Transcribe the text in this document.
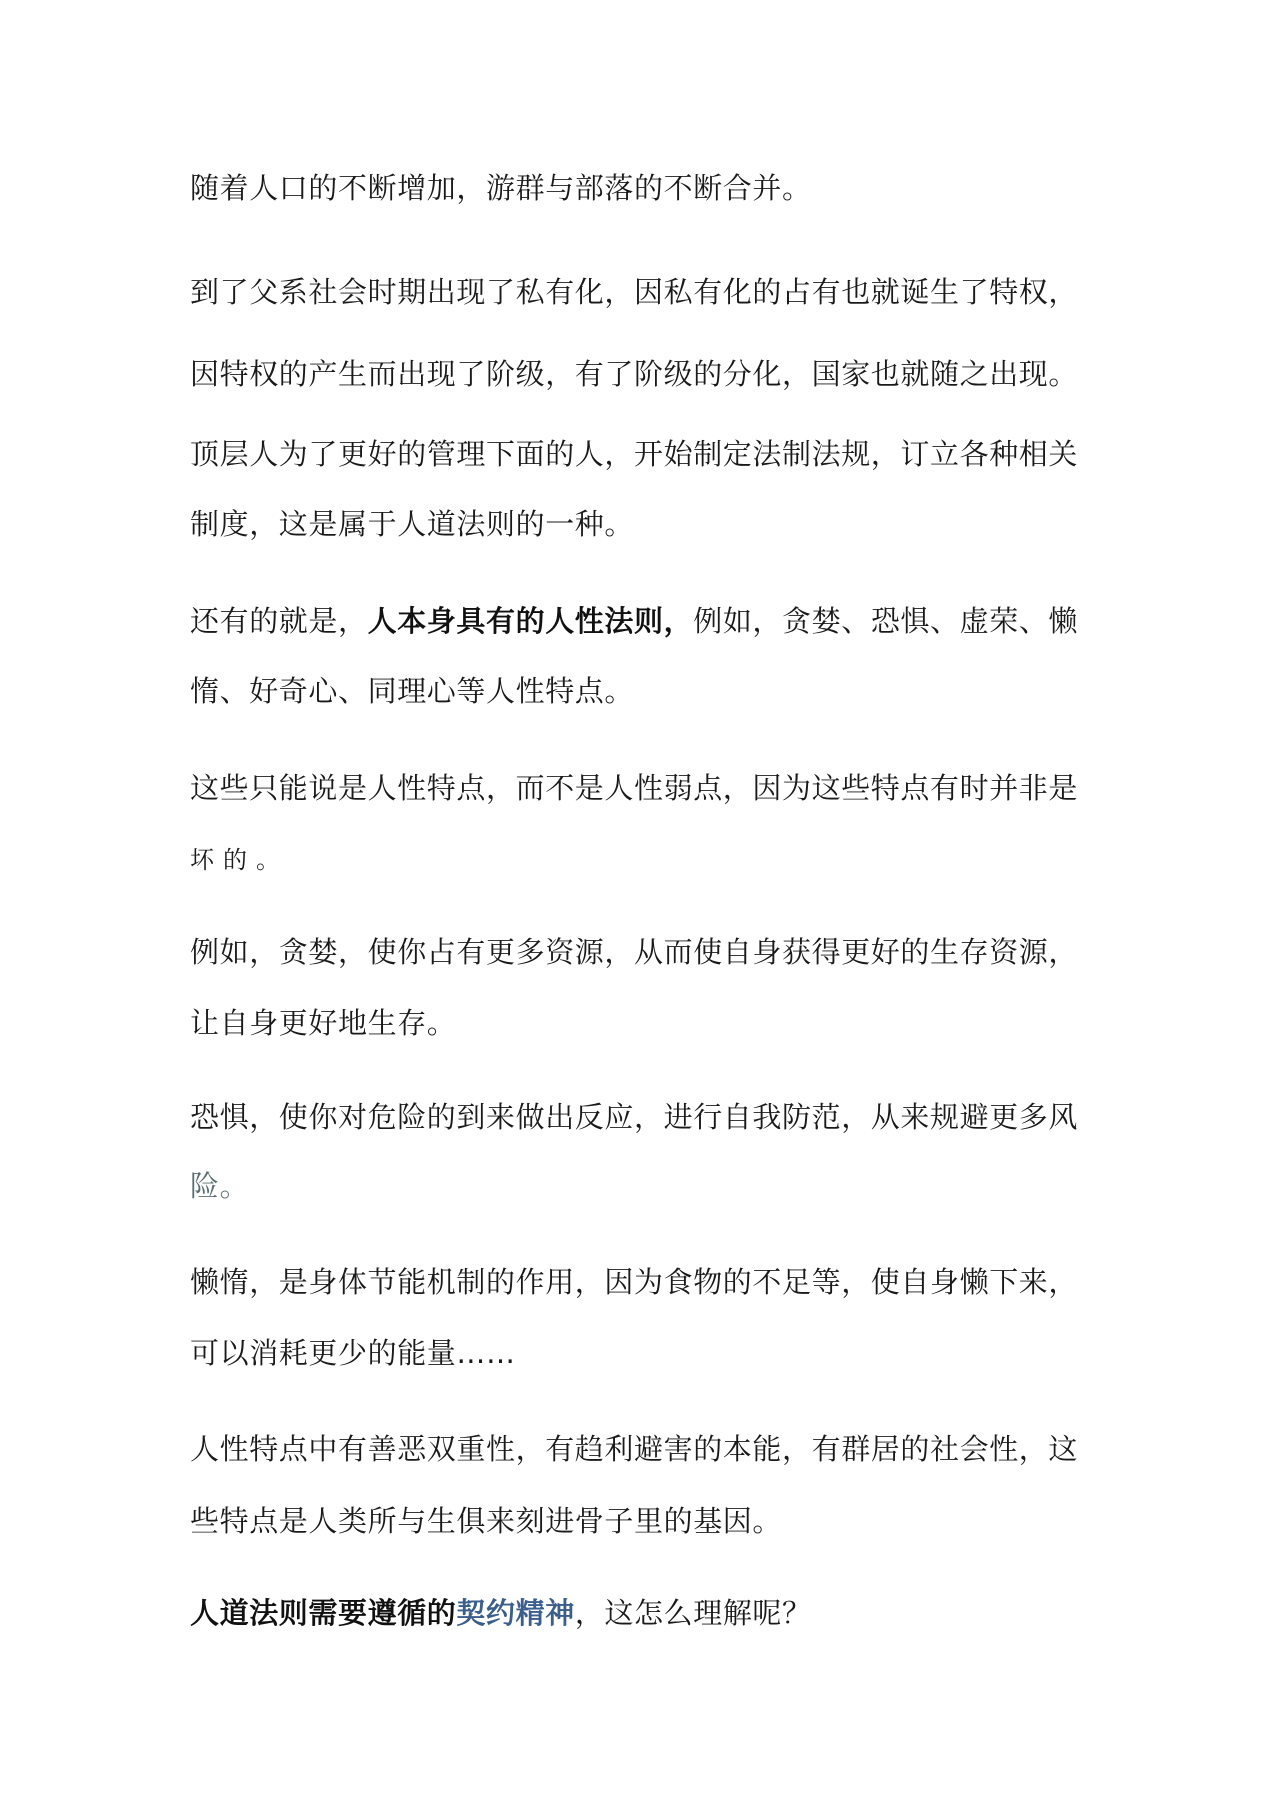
随着人口的不断增加，游群与部落的不断合并。

到了父系社会时期出现了私有化，因私有化的占有也就诞生了特权，

因特权的产生而出现了阶级，有了阶级的分化，国家也就随之出现。

顶层人为了更好的管理下面的人，开始制定法制法规，订立各种相关

制度，这是属于人道法则的一种。

还有的就是，人本身具有的人性法则，例如，贪婪、恐惧、虚荣、懒

惰、好奇心、同理心等人性特点。

这些只能说是人性特点，而不是人性弱点，因为这些特点有时并非是

坏的。

例如，贪婪，使你占有更多资源，从而使自身获得更好的生存资源，

让自身更好地生存。

恐惧，使你对危险的到来做出反应，进行自我防范，从来规避更多风

险。

懒惰，是身体节能机制的作用，因为食物的不足等，使自身懒下来，

可以消耗更少的能量……

人性特点中有善恶双重性，有趋利避害的本能，有群居的社会性，这

些特点是人类所与生俱来刻进骨子里的基因。

人道法则需要遵循的契约精神，这怎么理解呢？
